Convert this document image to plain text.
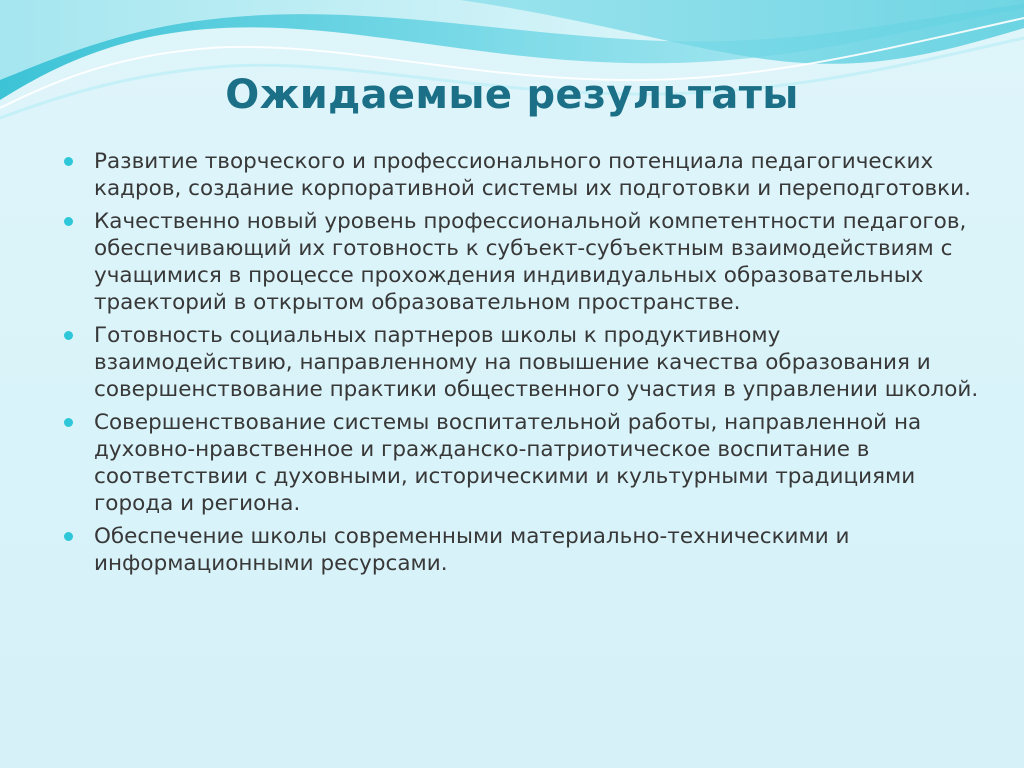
Ожидаемые результаты
Развитие творческого и профессионального потенциала педагогических кадров, создание корпоративной системы их подготовки и переподготовки.
Качественно новый уровень профессиональной компетентности педагогов, обеспечивающий их готовность к субъект-субъектным взаимодействиям с учащимися в процессе прохождения индивидуальных образовательных траекторий в открытом образовательном пространстве.
Готовность социальных партнеров школы к продуктивному взаимодействию, направленному на повышение качества образования и совершенствование практики общественного участия в управлении школой.
Совершенствование системы воспитательной работы, направленной на духовно-нравственное и гражданско-патриотическое воспитание в соответствии с духовными, историческими и культурными традициями города и региона.
Обеспечение школы современными материально-техническими и информационными ресурсами.
